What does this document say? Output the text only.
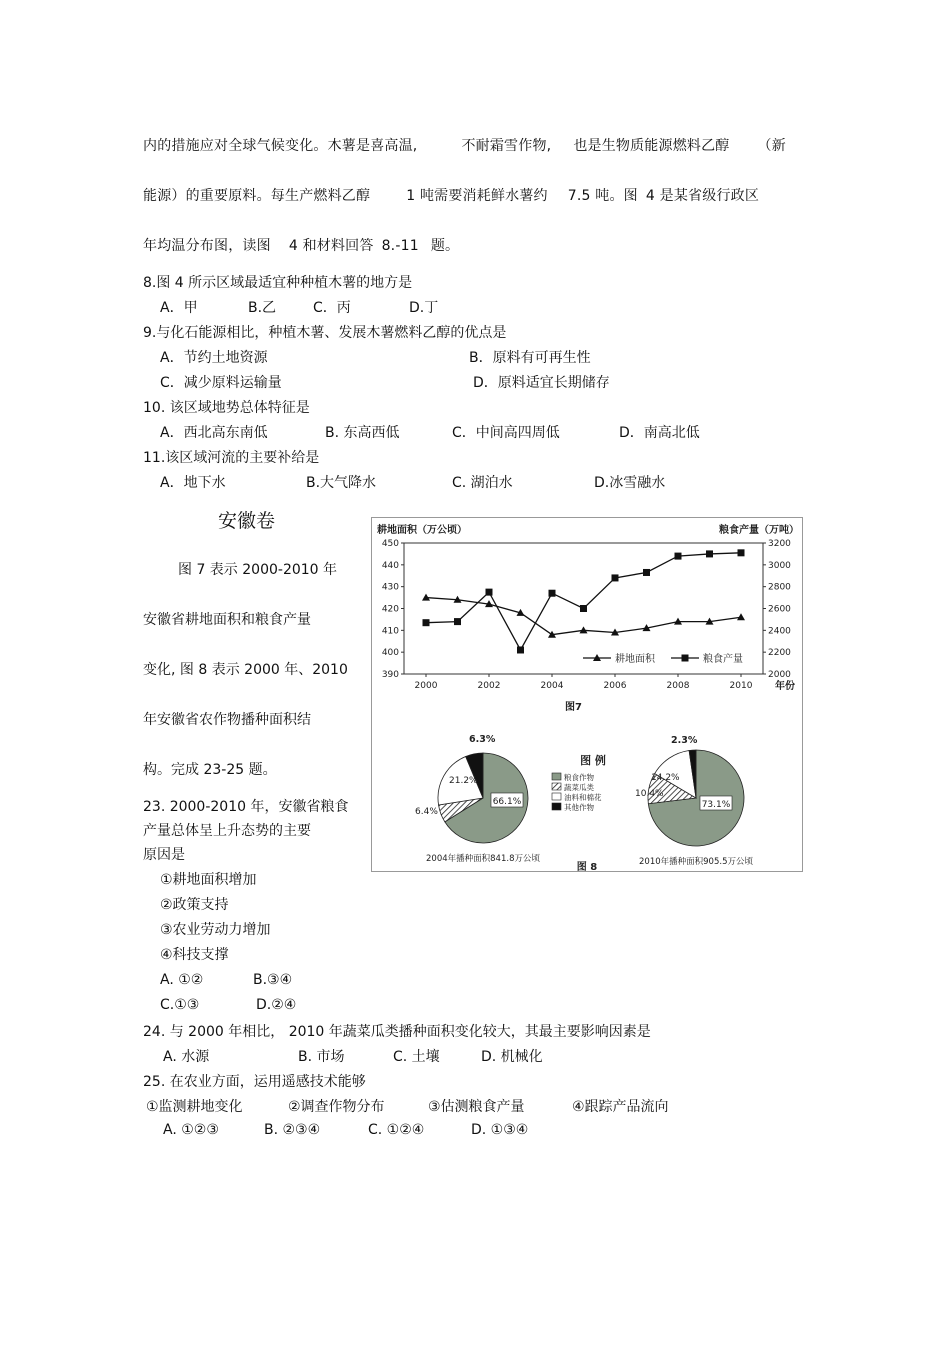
内的措施应对全球气候变化。木薯是喜高温,	不耐霜雪作物, 也是生物质能源燃料乙醇 （新
能源）的重要原料。每生产燃料乙醇	1 吨需要消耗鲜水薯约 7.5 吨。图 4 是某省级行政区
年均温分布图，读图 4 和材料回答 8.-11 题。
8.图 4 所示区域最适宜种种植木薯的地方是
A．甲	B.乙	C．丙	D.丁
9.与化石能源相比，种植木薯、发展木薯燃料乙醇的优点是
A．节约土地资源	B．原料有可再生性
C．减少原料运输量	D．原料适宜长期储存
10. 该区域地势总体特征是
A．西北高东南低	B. 东高西低	C．中间高四周低	D．南高北低
11.该区域河流的主要补给是
A．地下水	B.大气降水	C. 湖泊水	D.冰雪融水
安徽卷
图 7 表示 2000-2010 年
安徽省耕地面积和粮食产量
变化, 图 8 表示 2000 年、2010
年安徽省农作物播种面积结
构。完成 23-25 题。
23. 2000-2010 年，安徽省粮食
产量总体呈上升态势的主要
原因是
①耕地面积增加
②政策支持
③农业劳动力增加
④科技支撑
A. ①②	B.③④
C.①③	D.②④
24. 与 2000 年相比， 2010 年蔬菜瓜类播种面积变化较大，其最主要影响因素是
A. 水源	B. 市场	C. 土壤	D. 机械化
25. 在农业方面，运用遥感技术能够
①监测耕地变化	②调查作物分布	③估测粮食产量	④跟踪产品流向
A. ①②③	B. ②③④	C. ①②④	D. ①③④
耕地面积（万公顷）	粮食产量（万吨）
390
400
410
420
430
440
450
2000
2200
2400
2600
2800
3000
3200
2000	2002	2004	2006	2008	2010 年份
图7
耕地面积	粮食产量
2004年播种面积841.8万公顷	2010年播种面积905.5万公顷
66.1%
6.4%
21.2%
6.3%
73.1%
10.4%
14.2%
2.3%
图 例
粮食作物
蔬菜瓜类
油料和棉花
其他作物
图 8
